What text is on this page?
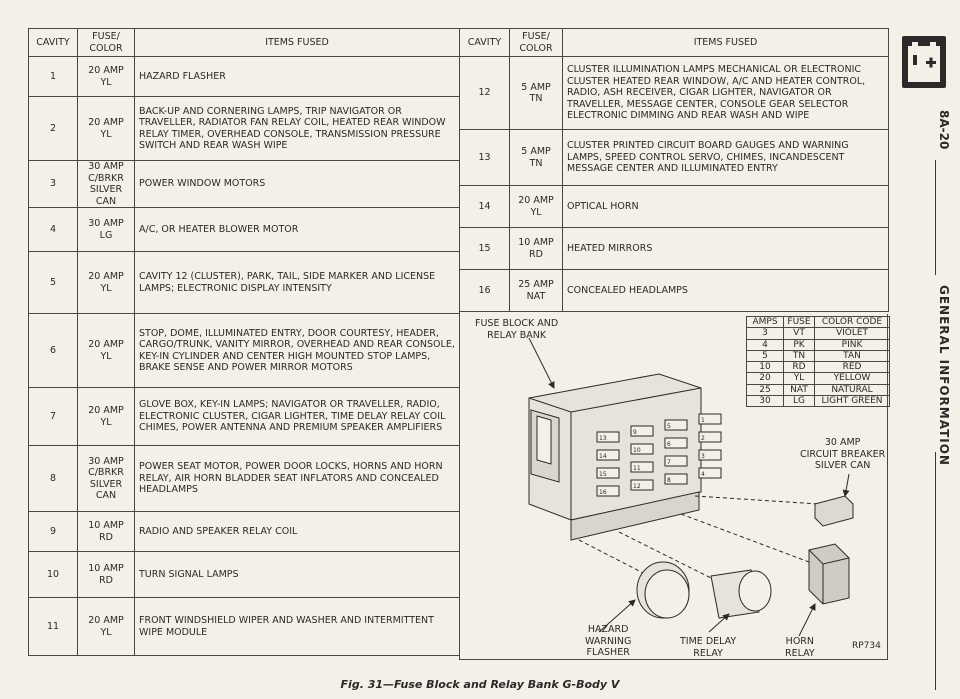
CAVITY	FUSE/ COLOR	ITEMS FUSED
1	20 AMP YL	HAZARD FLASHER
2	20 AMP YL	BACK-UP AND CORNERING LAMPS, TRIP NAVIGATOR OR TRAVELLER, RADIATOR FAN RELAY COIL, HEATED REAR WINDOW RELAY TIMER, OVERHEAD CONSOLE, TRANSMISSION PRESSURE SWITCH AND REAR WASH WIPE
3	30 AMP C/BRKR SILVER CAN	POWER WINDOW MOTORS
4	30 AMP LG	A/C, OR HEATER BLOWER MOTOR
5	20 AMP YL	CAVITY 12 (CLUSTER), PARK, TAIL, SIDE MARKER AND LICENSE LAMPS; ELECTRONIC DISPLAY INTENSITY
6	20 AMP YL	STOP, DOME, ILLUMINATED ENTRY, DOOR COURTESY, HEADER, CARGO/TRUNK, VANITY MIRROR, OVERHEAD AND REAR CONSOLE, KEY-IN CYLINDER AND CENTER HIGH MOUNTED STOP LAMPS, BRAKE SENSE AND POWER MIRROR MOTORS
7	20 AMP YL	GLOVE BOX, KEY-IN LAMPS; NAVIGATOR OR TRAVELLER, RADIO, ELECTRONIC CLUSTER, CIGAR LIGHTER, TIME DELAY RELAY COIL CHIMES, POWER ANTENNA AND PREMIUM SPEAKER AMPLIFIERS
8	30 AMP C/BRKR SILVER CAN	POWER SEAT MOTOR, POWER DOOR LOCKS, HORNS AND HORN RELAY, AIR HORN BLADDER SEAT INFLATORS AND CONCEALED HEADLAMPS
9	10 AMP RD	RADIO AND SPEAKER RELAY COIL
10	10 AMP RD	TURN SIGNAL LAMPS
11	20 AMP YL	FRONT WINDSHIELD WIPER AND WASHER AND INTERMITTENT WIPE MODULE
CAVITY	FUSE/ COLOR	ITEMS FUSED
12	5 AMP TN	CLUSTER ILLUMINATION LAMPS MECHANICAL OR ELECTRONIC CLUSTER HEATED REAR WINDOW, A/C AND HEATER CONTROL, RADIO, ASH RECEIVER, CIGAR LIGHTER, NAVIGATOR OR TRAVELLER, MESSAGE CENTER, CONSOLE GEAR SELECTOR ELECTRONIC DIMMING AND REAR WASH AND WIPE
13	5 AMP TN	CLUSTER PRINTED CIRCUIT BOARD GAUGES AND WARNING LAMPS, SPEED CONTROL SERVO, CHIMES, INCANDESCENT MESSAGE CENTER AND ILLUMINATED ENTRY
14	20 AMP YL	OPTICAL HORN
15	10 AMP RD	HEATED MIRRORS
16	25 AMP NAT	CONCEALED HEADLAMPS
AMPS	FUSE	COLOR CODE
3	VT	VIOLET
4	PK	PINK
5	TN	TAN
10	RD	RED
20	YL	YELLOW
25	NAT	NATURAL
30	LG	LIGHT GREEN
13
9
5
1
14
10
6
2
15
11
7
3
16
12
8
4
FUSE BLOCK AND
RELAY BANK
30 AMP
CIRCUIT BREAKER
SILVER CAN
HAZARD
WARNING
FLASHER
TIME DELAY
RELAY
HORN
RELAY
RP734
Fig. 31—Fuse Block and Relay Bank G-Body V
8A-20
GENERAL INFORMATION
